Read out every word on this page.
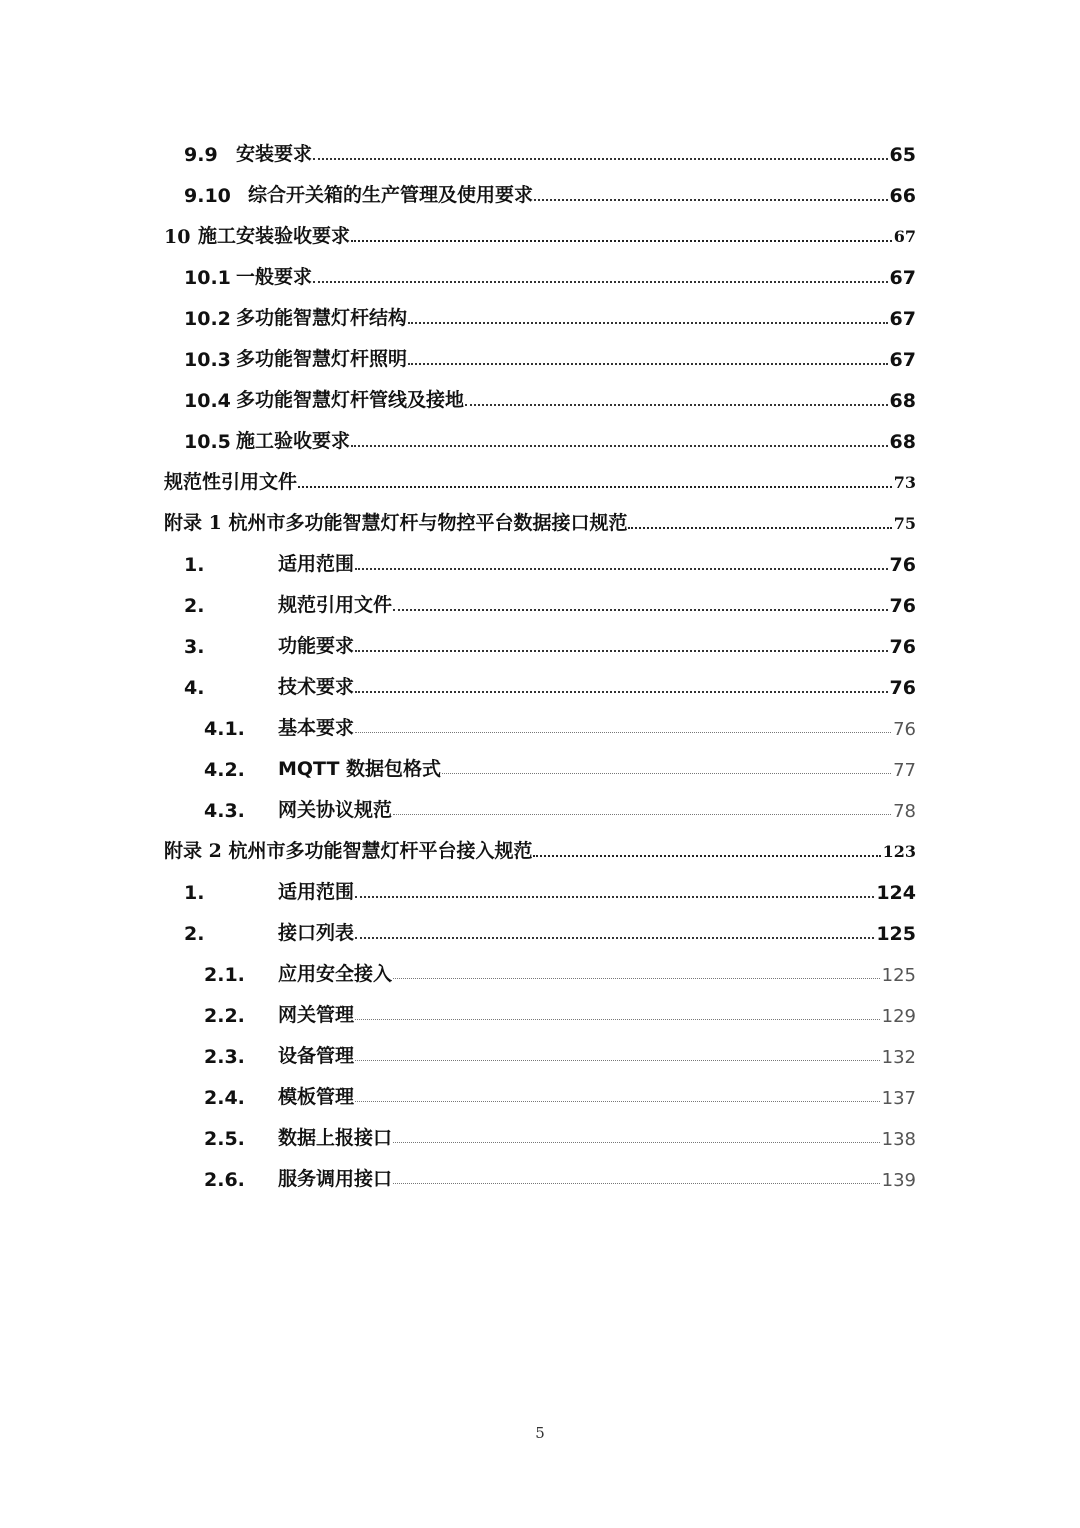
9.9 安装要求	65
9.10 综合开关箱的生产管理及使用要求	66
10 施工安装验收要求	67
10.1 一般要求	67
10.2 多功能智慧灯杆结构	67
10.3 多功能智慧灯杆照明	67
10.4 多功能智慧灯杆管线及接地	68
10.5 施工验收要求	68
规范性引用文件	73
附录 1 杭州市多功能智慧灯杆与物控平台数据接口规范	75
1.	适用范围	76
2.	规范引用文件	76
3.	功能要求	76
4.	技术要求	76
4.1.	基本要求	76
4.2.	MQTT 数据包格式	77
4.3.	网关协议规范	78
附录 2 杭州市多功能智慧灯杆平台接入规范	123
1.	适用范围	124
2.	接口列表	125
2.1.	应用安全接入	125
2.2.	网关管理	129
2.3.	设备管理	132
2.4.	模板管理	137
2.5.	数据上报接口	138
2.6.	服务调用接口	139
5
